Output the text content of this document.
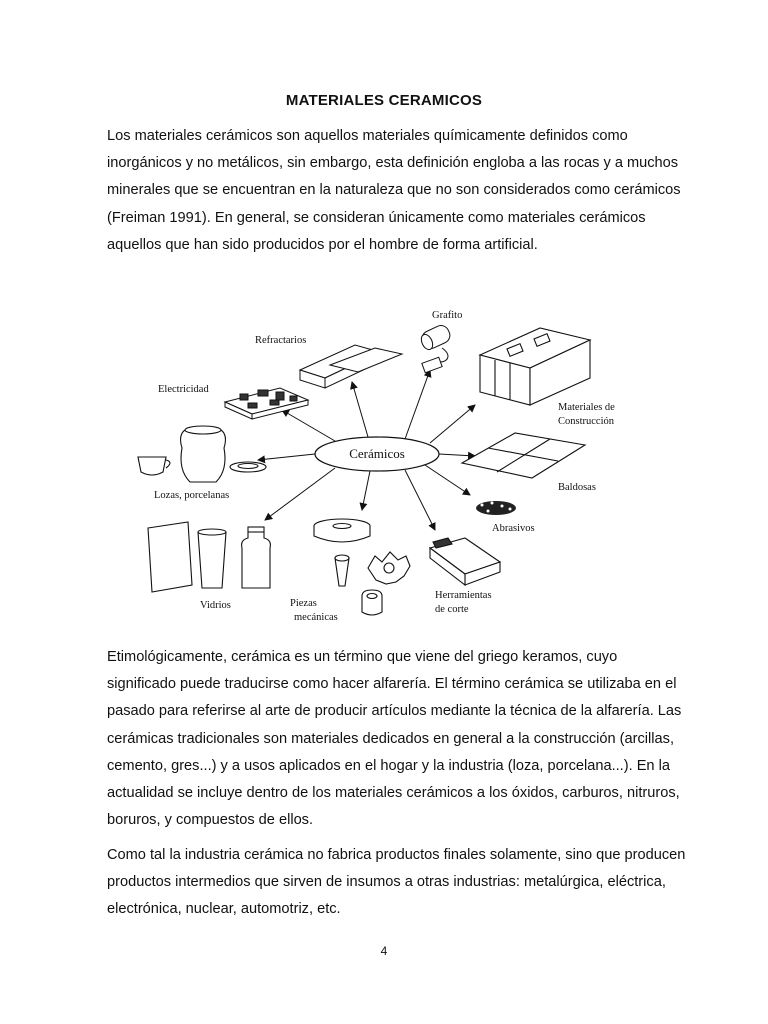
MATERIALES CERAMICOS

Los materiales cerámicos son aquellos materiales químicamente definidos como inorgánicos y no metálicos, sin embargo, esta definición engloba a las rocas y a muchos minerales que se encuentran en la naturaleza que no son considerados como cerámicos (Freiman 1991). En general, se consideran únicamente como materiales cerámicos aquellos que han sido producidos por el hombre de forma artificial.

Cerámicos
Refractarios
Grafito
Materiales de
Construcción
Electricidad
Lozas, porcelanas
Baldosas
Abrasivos
Vidrios	Piezas
mecánicas
Herramientas
de corte

Etimológicamente, cerámica es un término que viene del griego keramos, cuyo significado puede traducirse como hacer alfarería. El término cerámica se utilizaba en el pasado para referirse al arte de producir artículos mediante la técnica de la alfarería. Las cerámicas tradicionales son materiales dedicados en general a la construcción (arcillas, cemento, gres...) y a usos aplicados en el hogar y la industria (loza, porcelana...). En la actualidad se incluye dentro de los materiales cerámicos a los óxidos, carburos, nitruros, boruros, y compuestos de ellos.

Como tal la industria cerámica no fabrica productos finales solamente, sino que producen productos intermedios que sirven de insumos a otras industrias: metalúrgica, eléctrica, electrónica, nuclear, automotriz, etc.

4
